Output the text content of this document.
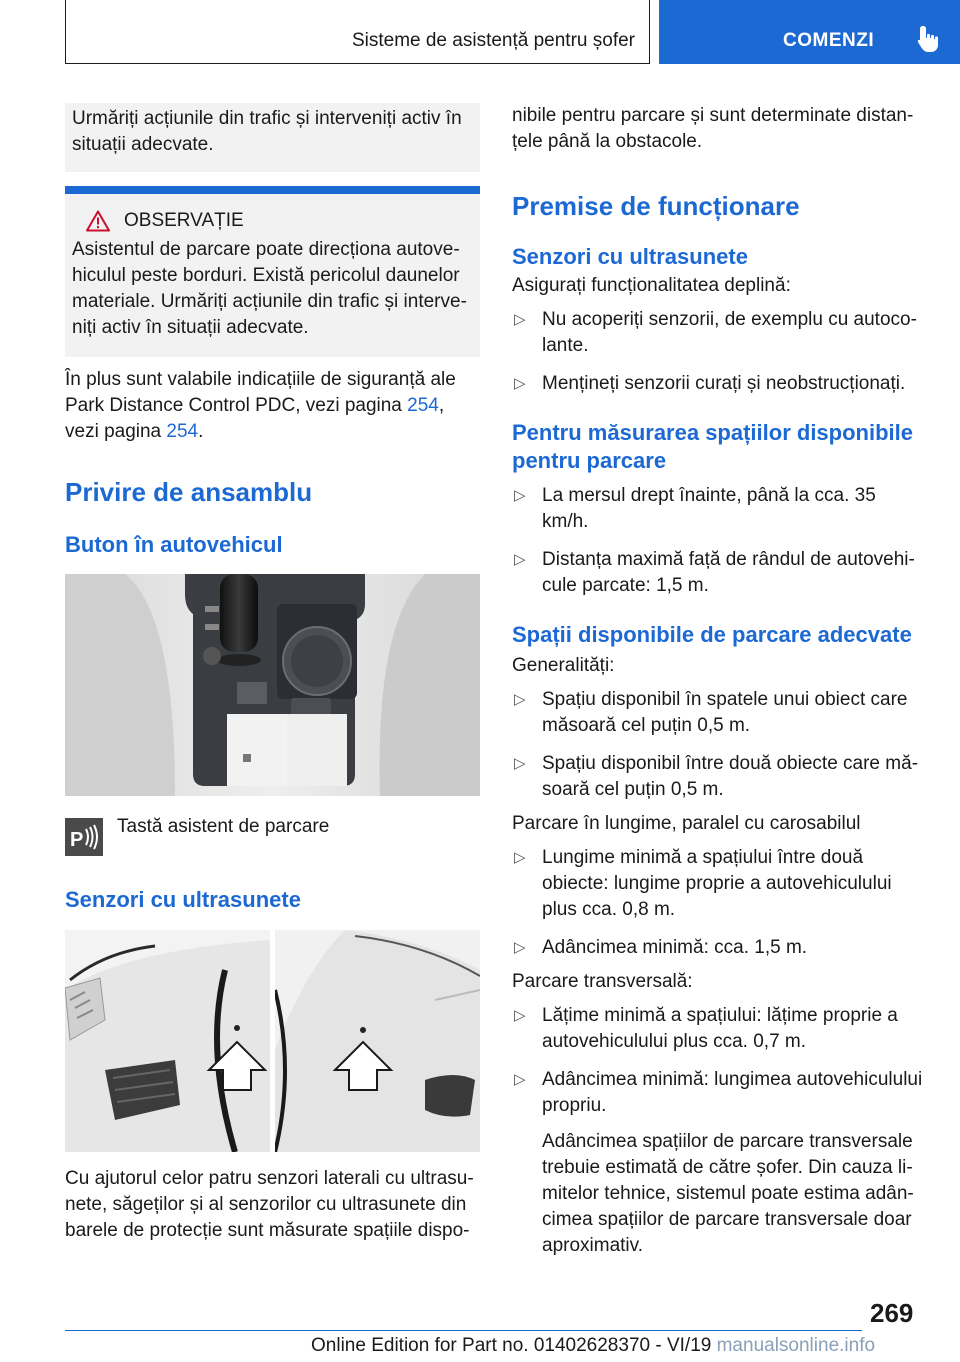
Sisteme de asistență pentru șofer	COMENZI

Urmăriți acțiunile din trafic și interveniți activ în situații adecvate.

OBSERVAȚIE

Asistentul de parcare poate direcționa autovehiculul peste borduri. Există pericolul daunelor materiale. Urmăriți acțiunile din trafic și interveniți activ în situații adecvate.

În plus sunt valabile indicațiile de siguranță ale Park Distance Control PDC, vezi pagina 254, vezi pagina 254.

Privire de ansamblu
Buton în autovehicul
P
Tastă asistent de parcare
Senzori cu ultrasunete

Cu ajutorul celor patru senzori laterali cu ultrasunete, săgeților și al senzorilor cu ultrasunete din barele de protecție sunt măsurate spațiile dispo-

nibile pentru parcare și sunt determinate distanțele până la obstacole.

Premise de funcționare
Senzori cu ultrasunete

Asigurați funcționalitatea deplină:

▷ Nu acoperiți senzorii, de exemplu cu autocolante.
▷ Mențineți senzorii curați și neobstrucționați.
Pentru măsurarea spațiilor disponibile pentru parcare
▷ La mersul drept înainte, până la cca. 35 km/h.
▷ Distanța maximă față de rândul de autovehicule parcate: 1,5 m.
Spații disponibile de parcare adecvate

Generalități:

▷ Spațiu disponibil în spatele unui obiect care măsoară cel puțin 0,5 m.
▷ Spațiu disponibil între două obiecte care măsoară cel puțin 0,5 m.

Parcare în lungime, paralel cu carosabilul

▷ Lungime minimă a spațiului între două obiecte: lungime proprie a autovehiculului plus cca. 0,8 m.
▷ Adâncimea minimă: cca. 1,5 m.

Parcare transversală:

▷ Lățime minimă a spațiului: lățime proprie a autovehiculului plus cca. 0,7 m.
▷ Adâncimea minimă: lungimea autovehiculului propriu.

Adâncimea spațiilor de parcare transversale trebuie estimată de către șofer. Din cauza limitelor tehnice, sistemul poate estima adâncimea spațiilor de parcare transversale doar aproximativ.

269
Online Edition for Part no. 01402628370 - VI/19 manualsonline.info
